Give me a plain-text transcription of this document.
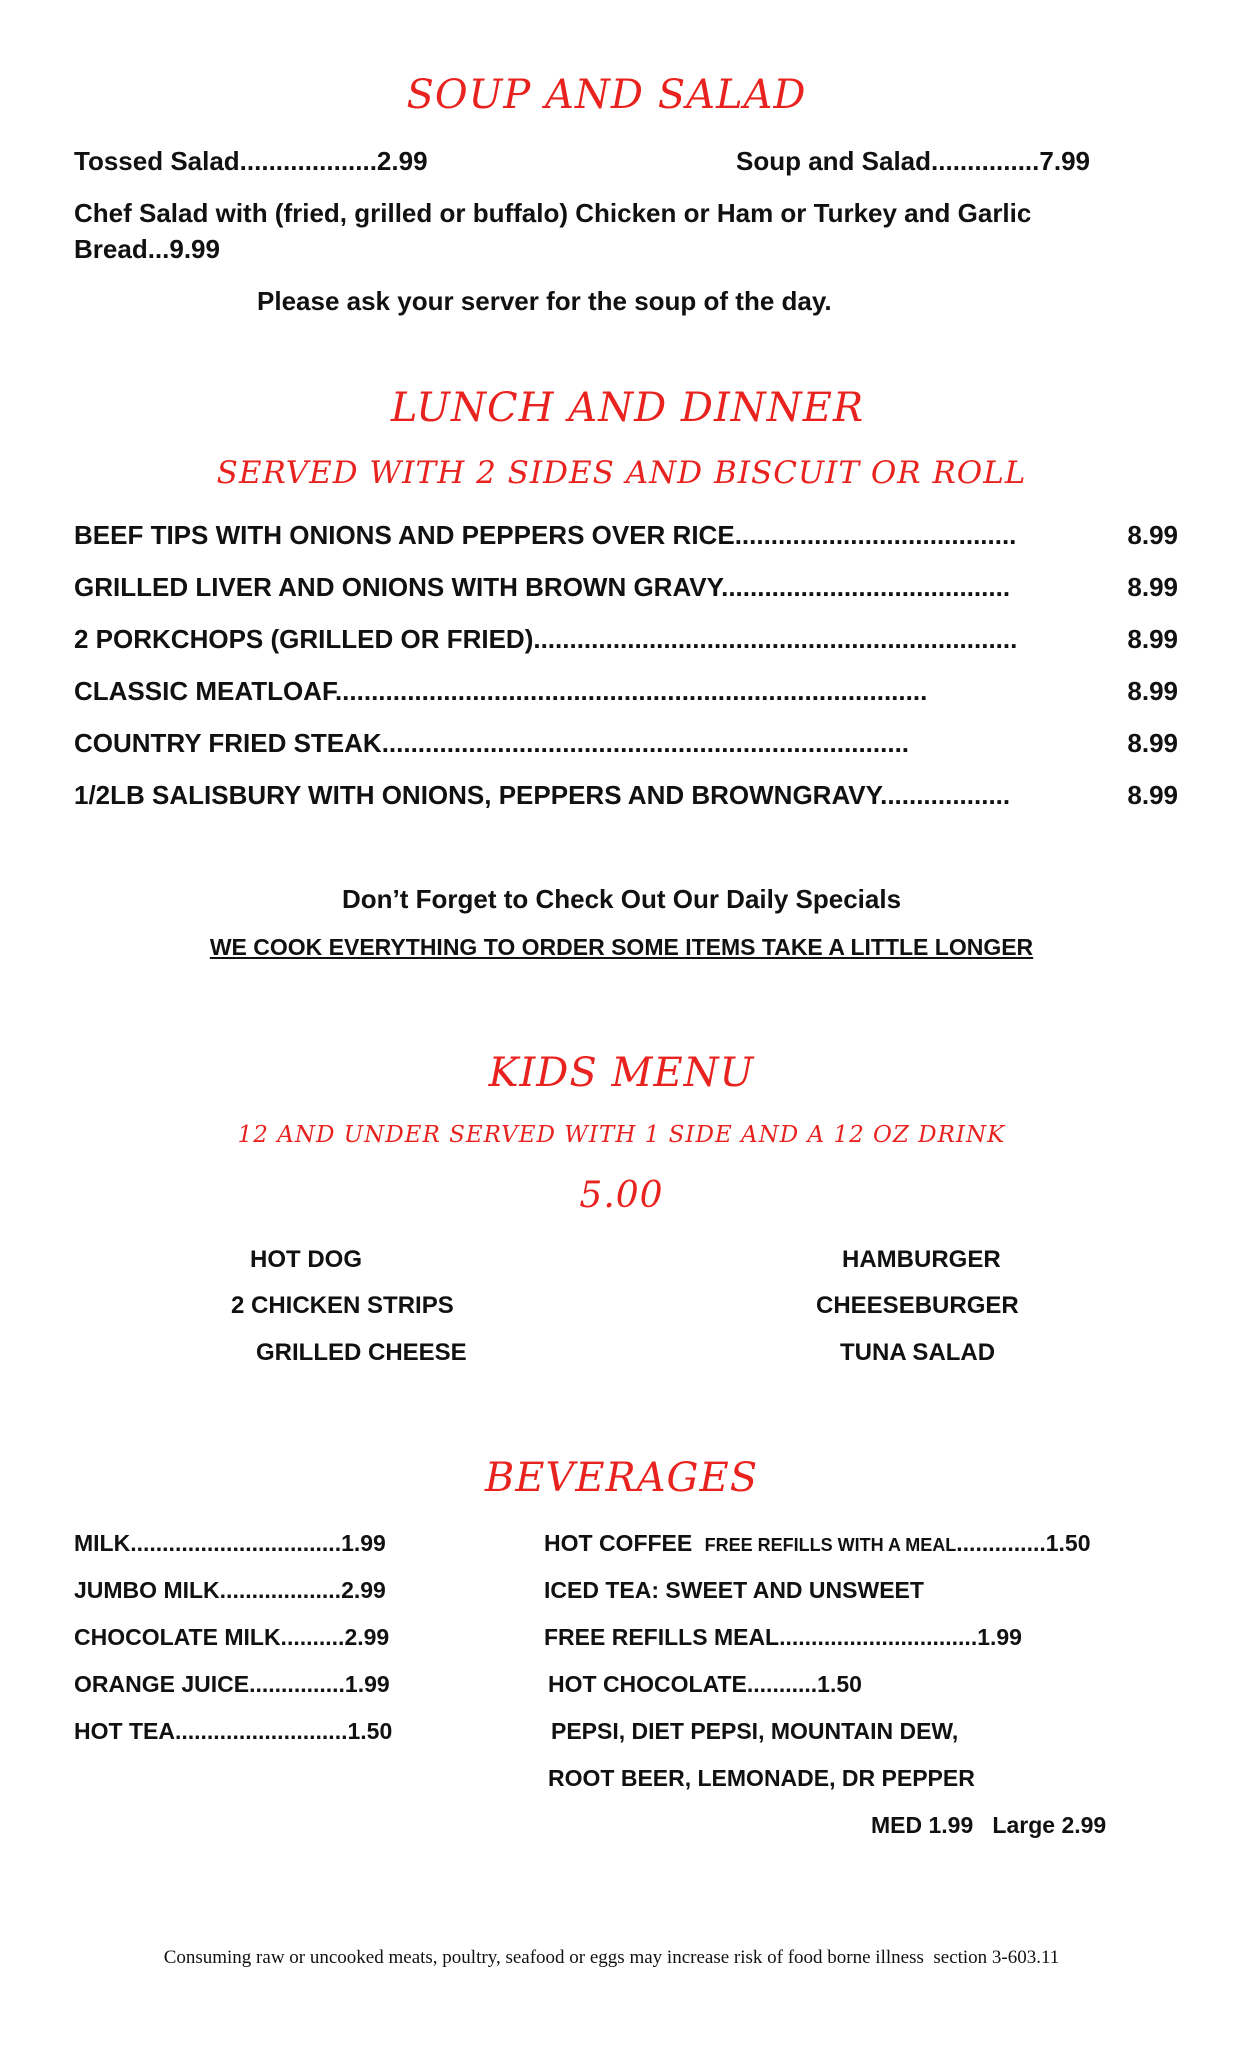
SOUP AND SALAD
Tossed Salad...................2.99	Soup and Salad...............7.99
Chef Salad with (fried, grilled or buffalo) Chicken or Ham or Turkey and Garlic
Bread...9.99
Please ask your server for the soup of the day.
LUNCH AND DINNER
SERVED WITH 2 SIDES AND BISCUIT OR ROLL
BEEF TIPS WITH ONIONS AND PEPPERS OVER RICE.......................................	8.99
GRILLED LIVER AND ONIONS WITH BROWN GRAVY........................................	8.99
2 PORKCHOPS (GRILLED OR FRIED)...................................................................	8.99
CLASSIC MEATLOAF..................................................................................	8.99
COUNTRY FRIED STEAK.........................................................................	8.99
1/2LB SALISBURY WITH ONIONS, PEPPERS AND BROWNGRAVY..................	8.99
Don’t Forget to Check Out Our Daily Specials
WE COOK EVERYTHING TO ORDER SOME ITEMS TAKE A LITTLE LONGER
KIDS MENU
12 AND UNDER SERVED WITH 1 SIDE AND A 12 OZ DRINK
5.00
HOT DOG
2 CHICKEN STRIPS
GRILLED CHEESE
HAMBURGER
CHEESEBURGER
TUNA SALAD
BEVERAGES
MILK.................................1.99
JUMBO MILK...................2.99
CHOCOLATE MILK..........2.99
ORANGE JUICE...............1.99
HOT TEA...........................1.50
HOT COFFEE FREE REFILLS WITH A MEAL..............1.50
ICED TEA: SWEET AND UNSWEET
FREE REFILLS MEAL...............................1.99
HOT CHOCOLATE...........1.50
PEPSI, DIET PEPSI, MOUNTAIN DEW,
ROOT BEER, LEMONADE, DR PEPPER
MED 1.99   Large 2.99
Consuming raw or uncooked meats, poultry, seafood or eggs may increase risk of food borne illness  section 3-603.11
